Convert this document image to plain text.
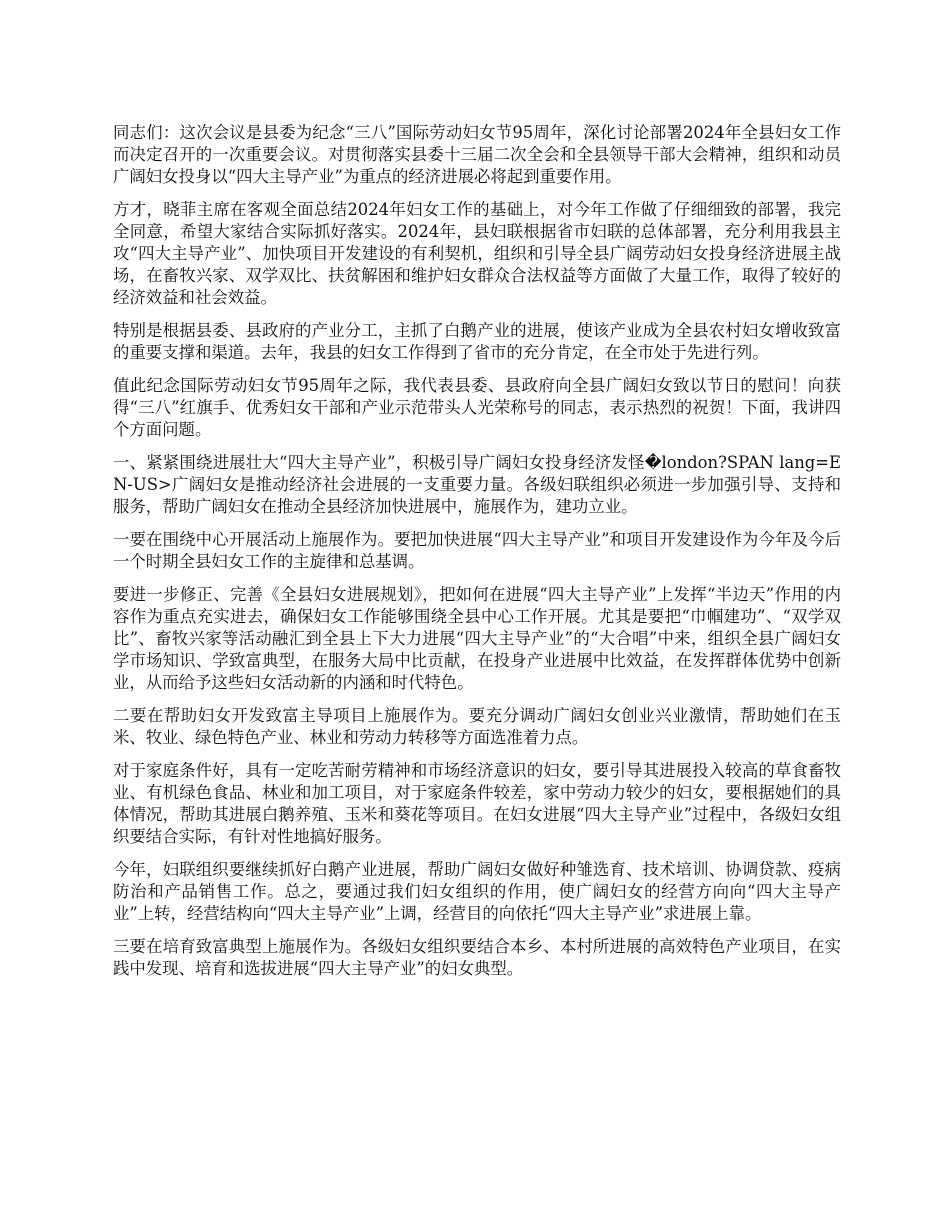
同志们：这次会议是县委为纪念“三八”国际劳动妇女节95周年，深化讨论部署2024年全县妇女工作而决定召开的一次重要会议。对贯彻落实县委十三届二次全会和全县领导干部大会精神，组织和动员广阔妇女投身以“四大主导产业”为重点的经济进展必将起到重要作用。

方才，晓菲主席在客观全面总结2024年妇女工作的基础上，对今年工作做了仔细细致的部署，我完全同意，希望大家结合实际抓好落实。2024年，县妇联根据省市妇联的总体部署，充分利用我县主攻“四大主导产业”、加快项目开发建设的有利契机，组织和引导全县广阔劳动妇女投身经济进展主战场，在畜牧兴家、双学双比、扶贫解困和维护妇女群众合法权益等方面做了大量工作，取得了较好的经济效益和社会效益。

特别是根据县委、县政府的产业分工，主抓了白鹅产业的进展，使该产业成为全县农村妇女增收致富的重要支撑和渠道。去年，我县的妇女工作得到了省市的充分肯定，在全市处于先进行列。

值此纪念国际劳动妇女节95周年之际，我代表县委、县政府向全县广阔妇女致以节日的慰问！向获得“三八”红旗手、优秀妇女干部和产业示范带头人光荣称号的同志，表示热烈的祝贺！下面，我讲四个方面问题。

一、紧紧围绕进展壮大“四大主导产业”，积极引导广阔妇女投身经济发怪�london?SPAN lang=EN-US>广阔妇女是推动经济社会进展的一支重要力量。各级妇联组织必须进一步加强引导、支持和服务，帮助广阔妇女在推动全县经济加快进展中，施展作为，建功立业。

一要在围绕中心开展活动上施展作为。要把加快进展“四大主导产业”和项目开发建设作为今年及今后一个时期全县妇女工作的主旋律和总基调。

要进一步修正、完善《全县妇女进展规划》，把如何在进展“四大主导产业”上发挥“半边天”作用的内容作为重点充实进去，确保妇女工作能够围绕全县中心工作开展。尤其是要把“巾帼建功”、“双学双比”、畜牧兴家等活动融汇到全县上下大力进展“四大主导产业”的“大合唱”中来，组织全县广阔妇女学市场知识、学致富典型，在服务大局中比贡献，在投身产业进展中比效益，在发挥群体优势中创新业，从而给予这些妇女活动新的内涵和时代特色。

二要在帮助妇女开发致富主导项目上施展作为。要充分调动广阔妇女创业兴业激情，帮助她们在玉米、牧业、绿色特色产业、林业和劳动力转移等方面选准着力点。

对于家庭条件好，具有一定吃苦耐劳精神和市场经济意识的妇女，要引导其进展投入较高的草食畜牧业、有机绿色食品、林业和加工项目，对于家庭条件较差，家中劳动力较少的妇女，要根据她们的具体情况，帮助其进展白鹅养殖、玉米和葵花等项目。在妇女进展“四大主导产业”过程中，各级妇女组织要结合实际，有针对性地搞好服务。

今年，妇联组织要继续抓好白鹅产业进展，帮助广阔妇女做好种雏选育、技术培训、协调贷款、疫病防治和产品销售工作。总之，要通过我们妇女组织的作用，使广阔妇女的经营方向向“四大主导产业”上转，经营结构向“四大主导产业”上调，经营目的向依托“四大主导产业”求进展上靠。

三要在培育致富典型上施展作为。各级妇女组织要结合本乡、本村所进展的高效特色产业项目，在实践中发现、培育和选拔进展“四大主导产业”的妇女典型。
